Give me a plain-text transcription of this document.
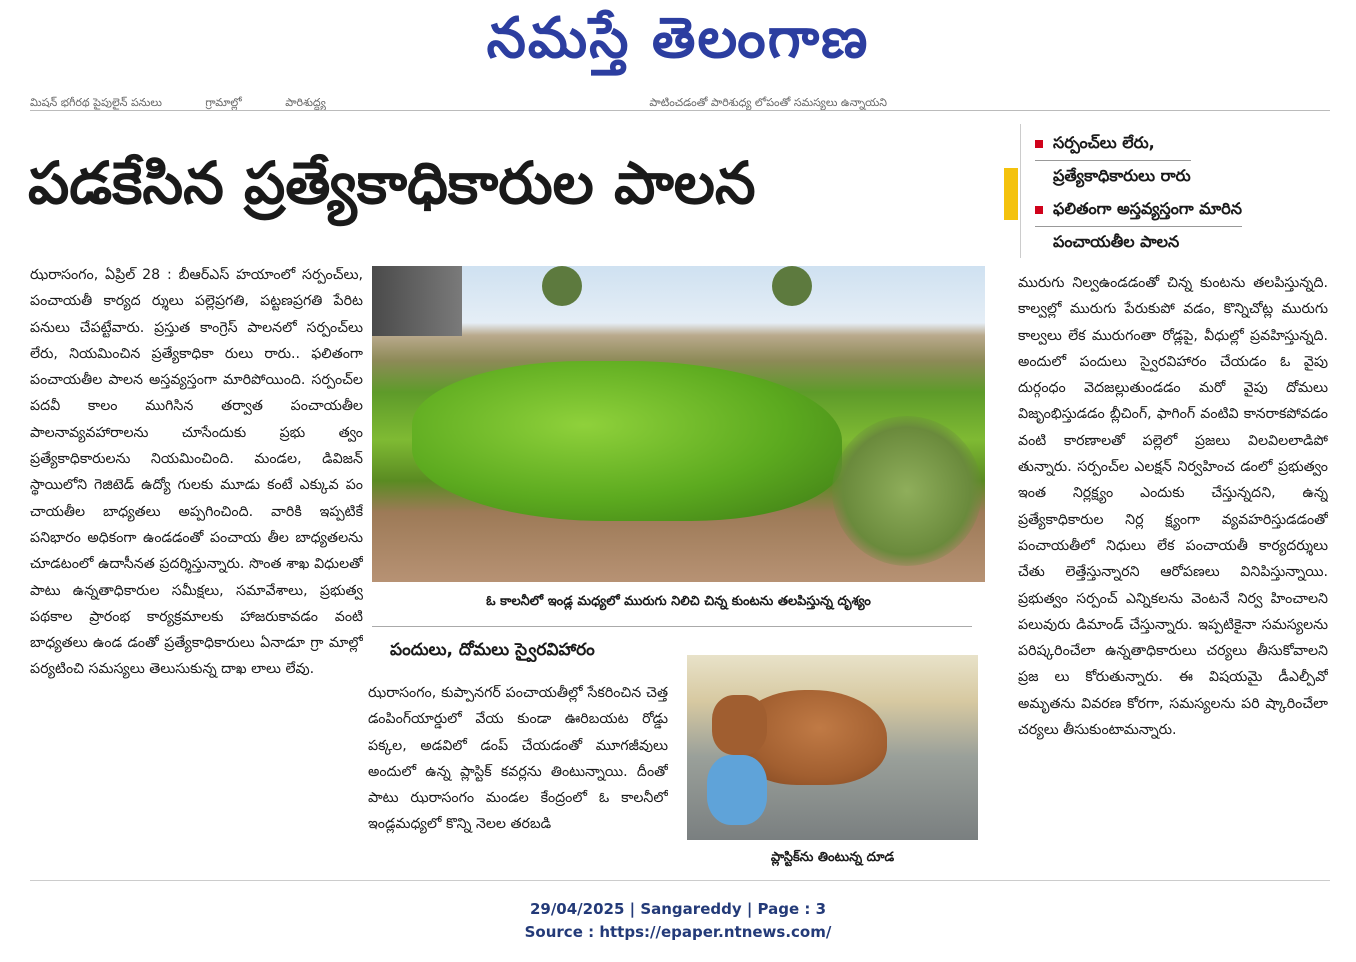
నమస్తే తెలంగాణ
మిషన్ భగీరథ పైపులైన్ పనులు	గ్రామాల్లో	పారిశుద్ధ్య	పాటించడంతో పారిశుధ్య లోపంతో సమస్యలు ఉన్నాయని
పడకేసిన ప్రత్యేకాధికారుల పాలన
సర్పంచ్‌లు లేరు,
ప్రత్యేకాధికారులు రారు
ఫలితంగా అస్తవ్యస్తంగా మారిన
పంచాయతీల పాలన

ఝరాసంగం, ఏప్రిల్ 28 : బీఆర్‌ఎస్ హయాంలో సర్పంచ్‌లు, పంచాయతీ కార్యద ర్శులు పల్లెప్రగతి, పట్టణప్రగతి పేరిట పనులు చేపట్టేవారు. ప్రస్తుత కాంగ్రెస్ పాలనలో సర్పంచ్‌లు లేరు, నియమించిన ప్రత్యేకాధికా రులు రారు.. ఫలితంగా పంచాయతీల పాలన అస్తవ్యస్తంగా మారిపోయింది. సర్పంచ్‌ల పదవీ కాలం ముగిసిన తర్వాత పంచాయతీల పాలనావ్యవహారాలను చూసేందుకు ప్రభు త్వం ప్రత్యేకాధికారులను నియమించింది. మండల, డివిజన్ స్థాయిలోని గెజిటెడ్ ఉద్యో గులకు మూడు కంటే ఎక్కువ పం చాయతీల బాధ్యతలు అప్పగించింది. వారికి ఇప్పటికే పనిభారం అధికంగా ఉండడంతో పంచాయ తీల బాధ్యతలను చూడటంలో ఉదాసీనత ప్రదర్శిస్తున్నారు. సొంత శాఖ విధులతో పాటు ఉన్నతాధికారుల సమీక్షలు, సమావేశాలు, ప్రభుత్వ పథకాల ప్రారంభ కార్యక్రమాలకు హాజరుకావడం వంటి బాధ్యతలు ఉండ డంతో ప్రత్యేకాధికారులు ఏనాడూ గ్రా మాల్లో పర్యటించి సమస్యలు తెలుసుకున్న దాఖ లాలు లేవు.

ఓ కాలనీలో ఇండ్ల మధ్యలో మురుగు నిలిచి చిన్న కుంటను తలపిస్తున్న దృశ్యం
పందులు, దోమలు స్వైరవిహారం

ఝరాసంగం, కుప్పానగర్ పంచాయతీల్లో సేకరించిన చెత్త డంపింగ్‌యార్డులో వేయ కుండా ఊరిబయట రోడ్డు పక్కల, అడవిలో డంప్ చేయడంతో మూగజీవులు అందులో ఉన్న ప్లాస్టిక్ కవర్లను తింటున్నాయి. దీంతో పాటు ఝరాసంగం మండల కేంద్రంలో ఓ కాలనీలో ఇండ్లమధ్యలో కొన్ని నెలల తరబడి

ప్లాస్టిక్‌ను తింటున్న దూడ

మురుగు నిల్వఉండడంతో చిన్న కుంటను తలపిస్తున్నది. కాల్వల్లో మురుగు పేరుకుపో వడం, కొన్నిచోట్ల మురుగు కాల్వలు లేక మురుగంతా రోడ్లపై, వీధుల్లో ప్రవహిస్తున్నది. అందులో పందులు స్వైరవిహారం చేయడం ఓ వైపు దుర్గంధం వెదజల్లుతుండడం మరో వైపు దోమలు విజృంభిస్తుడడం బ్లీచింగ్, ఫాగింగ్ వంటివి కానరాకపోవడం వంటి కారణాలతో పల్లెలో ప్రజలు విలవిలలాడిపో తున్నారు. సర్పంచ్‌ల ఎలక్షన్ నిర్వహించ డంలో ప్రభుత్వం ఇంత నిర్లక్ష్యం ఎందుకు చేస్తున్నదని, ఉన్న ప్రత్యేకాధికారుల నిర్ల క్ష్యంగా వ్యవహరిస్తుడడంతో పంచాయతీలో నిధులు లేక పంచాయతీ కార్యదర్శులు చేతు లెత్తేస్తున్నారని ఆరోపణలు వినిపిస్తున్నాయి. ప్రభుత్వం సర్పంచ్ ఎన్నికలను వెంటనే నిర్వ హించాలని పలువురు డిమాండ్ చేస్తున్నారు. ఇప్పటికైనా సమస్యలను పరిష్కరించేలా ఉన్నతాధికారులు చర్యలు తీసుకోవాలని ప్రజ లు కోరుతున్నారు. ఈ విషయమై డీఎల్పీవో అమృతను వివరణ కోరగా, సమస్యలను పరి ష్కారించేలా చర్యలు తీసుకుంటామన్నారు.

29/04/2025 | Sangareddy | Page : 3
Source : https://epaper.ntnews.com/
